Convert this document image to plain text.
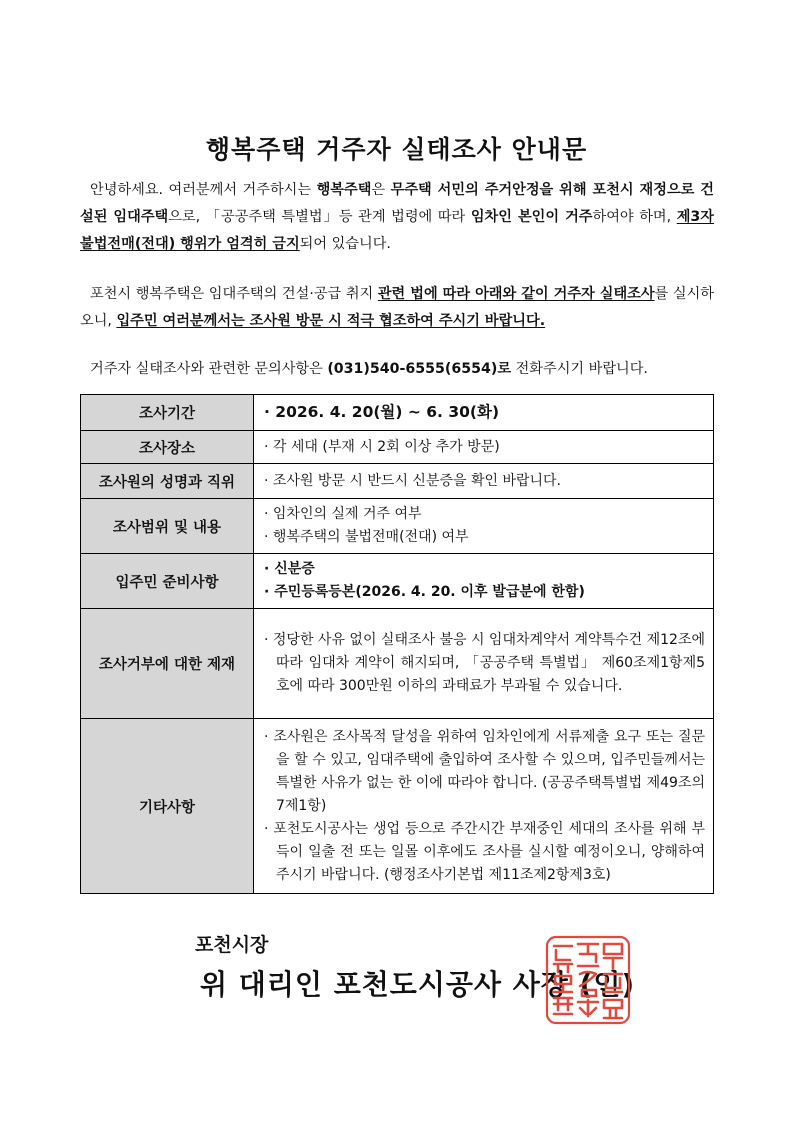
행복주택 거주자 실태조사 안내문
안녕하세요. 여러분께서 거주하시는 행복주택은 무주택 서민의 주거안정을 위해 포천시 재정으로 건설된 임대주택으로, 「공공주택 특별법」등 관계 법령에 따라 임차인 본인이 거주하여야 하며, 제3자 불법전매(전대) 행위가 엄격히 금지되어 있습니다.
포천시 행복주택은 임대주택의 건설·공급 취지 관련 법에 따라 아래와 같이 거주자 실태조사를 실시하오니, 입주민 여러분께서는 조사원 방문 시 적극 협조하여 주시기 바랍니다.
거주자 실태조사와 관련한 문의사항은 (031)540-6555(6554)로 전화주시기 바랍니다.
조사기간	· 2026. 4. 20(월) ~ 6. 30(화)
조사장소	· 각 세대 (부재 시 2회 이상 추가 방문)
조사원의 성명과 직위	· 조사원 방문 시 반드시 신분증을 확인 바랍니다.
조사범위 및 내용	· 임차인의 실제 거주 여부
· 행복주택의 불법전매(전대) 여부

입주민 준비사항	· 신분증
· 주민등록등본(2026. 4. 20. 이후 발급분에 한함)

조사거부에 대한 제재	· 정당한 사유 없이 실태조사 불응 시 임대차계약서 계약특수건 제12조에 따라 임대차 계약이 해지되며, 「공공주택 특별법」 제60조제1항제5호에 따라 300만원 이하의 과태료가 부과될 수 있습니다.

기타사항	· 조사원은 조사목적 달성을 위하여 임차인에게 서류제출 요구 또는 질문을 할 수 있고, 임대주택에 출입하여 조사할 수 있으며, 입주민들께서는 특별한 사유가 없는 한 이에 따라야 합니다. (공공주택특별법 제49조의7제1항)
· 포천도시공사는 생업 등으로 주간시간 부재중인 세대의 조사를 위해 부득이 일출 전 또는 일몰 이후에도 조사를 실시할 예정이오니, 양해하여 주시기 바랍니다. (행정조사기본법 제11조제2항제3호)
포천시장
위 대리인 포천도시공사 사장 (인)
